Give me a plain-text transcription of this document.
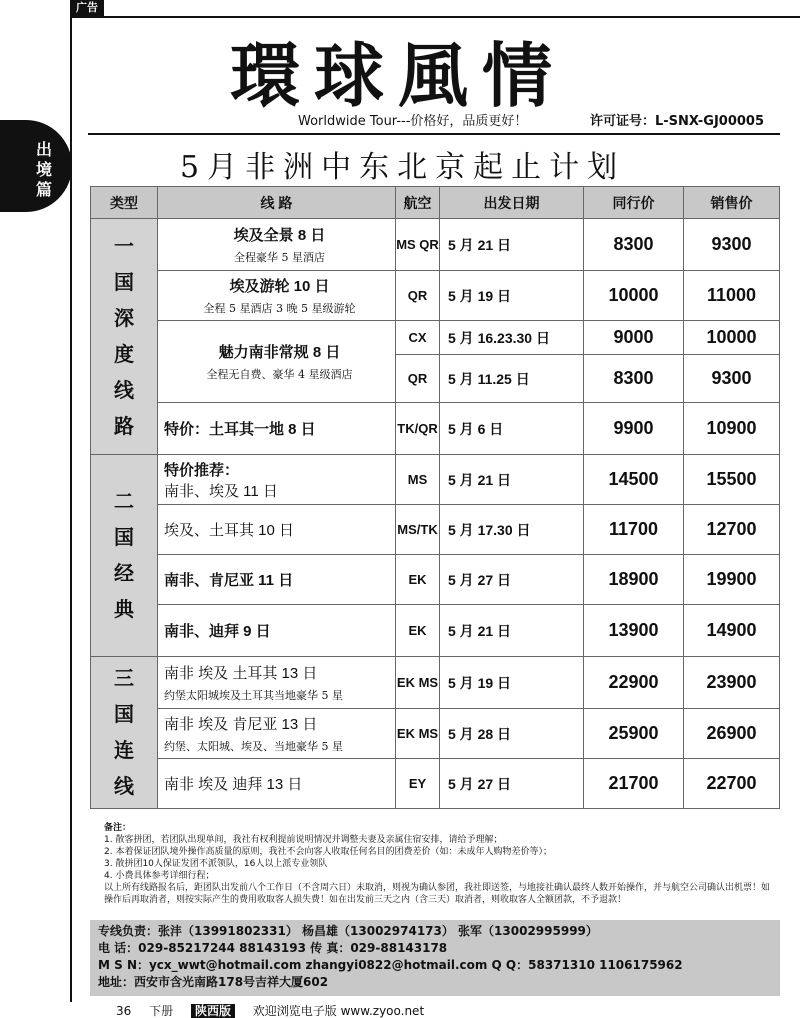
广告
出境篇
環球風情
Worldwide Tour---价格好，品质更好！	许可证号：L-SNX-GJ00005
5月非洲中东北京起止计划
类型	线 路	航空	出发日期	同行价	销售价

一国深度线路	埃及全景 8 日
全程豪华 5 星酒店	MS QR	5 月 21 日	8300	9300

	埃及游轮 10 日
全程 5 星酒店 3 晚 5 星级游轮	QR	5 月 19 日	10000	11000

	魅力南非常规 8 日
全程无自费、豪华 4 星级酒店	CX	5 月 16.23.30 日	9000	10000
		QR	5 月 11.25 日	8300	9300

	特价：土耳其一地 8 日	TK/QR	5 月 6 日	9900	10900

二国经典	特价推荐：
南非、埃及 11 日	MS	5 月 21 日	14500	15500

	埃及、土耳其 10 日	MS/TK	5 月 17.30 日	11700	12700

	南非、肯尼亚 11 日	EK	5 月 27 日	18900	19900

	南非、迪拜 9 日	EK	5 月 21 日	13900	14900

三国连线	南非 埃及 土耳其 13 日
约堡太阳城埃及土耳其当地豪华 5 星	EK MS	5 月 19 日	22900	23900

	南非 埃及 肯尼亚 13 日
约堡、太阳城、埃及、当地豪华 5 星	EK MS	5 月 28 日	25900	26900

	南非 埃及 迪拜 13 日	EY	5 月 27 日	21700	22700

备注：

1. 散客拼团，若团队出现单间，我社有权利提前说明情况并调整夫妻及亲属住宿安排，请给予理解；

2. 本着保证团队境外操作高质量的原则，我社不会向客人收取任何名目的团费差价（如：未成年人购物差价等）；

3. 散拼团10人保证发团不派领队，16人以上派专业领队

4. 小费具体参考详细行程；

以上所有线路报名后，距团队出发前八个工作日（不含周六日）未取消，则视为确认参团，我社即送签，与地接社确认最终人数开始操作，并与航空公司确认出机票！如操作后再取消者，则按实际产生的费用收取客人损失费！如在出发前三天之内（含三天）取消者，则收取客人全额团款，不予退款！

专线负责：张沣（13991802331） 杨昌雄（13002974173） 张军（13002995999）
电 话：029-85217244 88143193 传 真：029-88143178
M S N：ycx_wwt@hotmail.com zhangyi0822@hotmail.com Q Q：58371310 1106175962
地址：西安市含光南路178号吉祥大厦602
36 下册 陕西版 欢迎浏览电子版 www.zyoo.net
